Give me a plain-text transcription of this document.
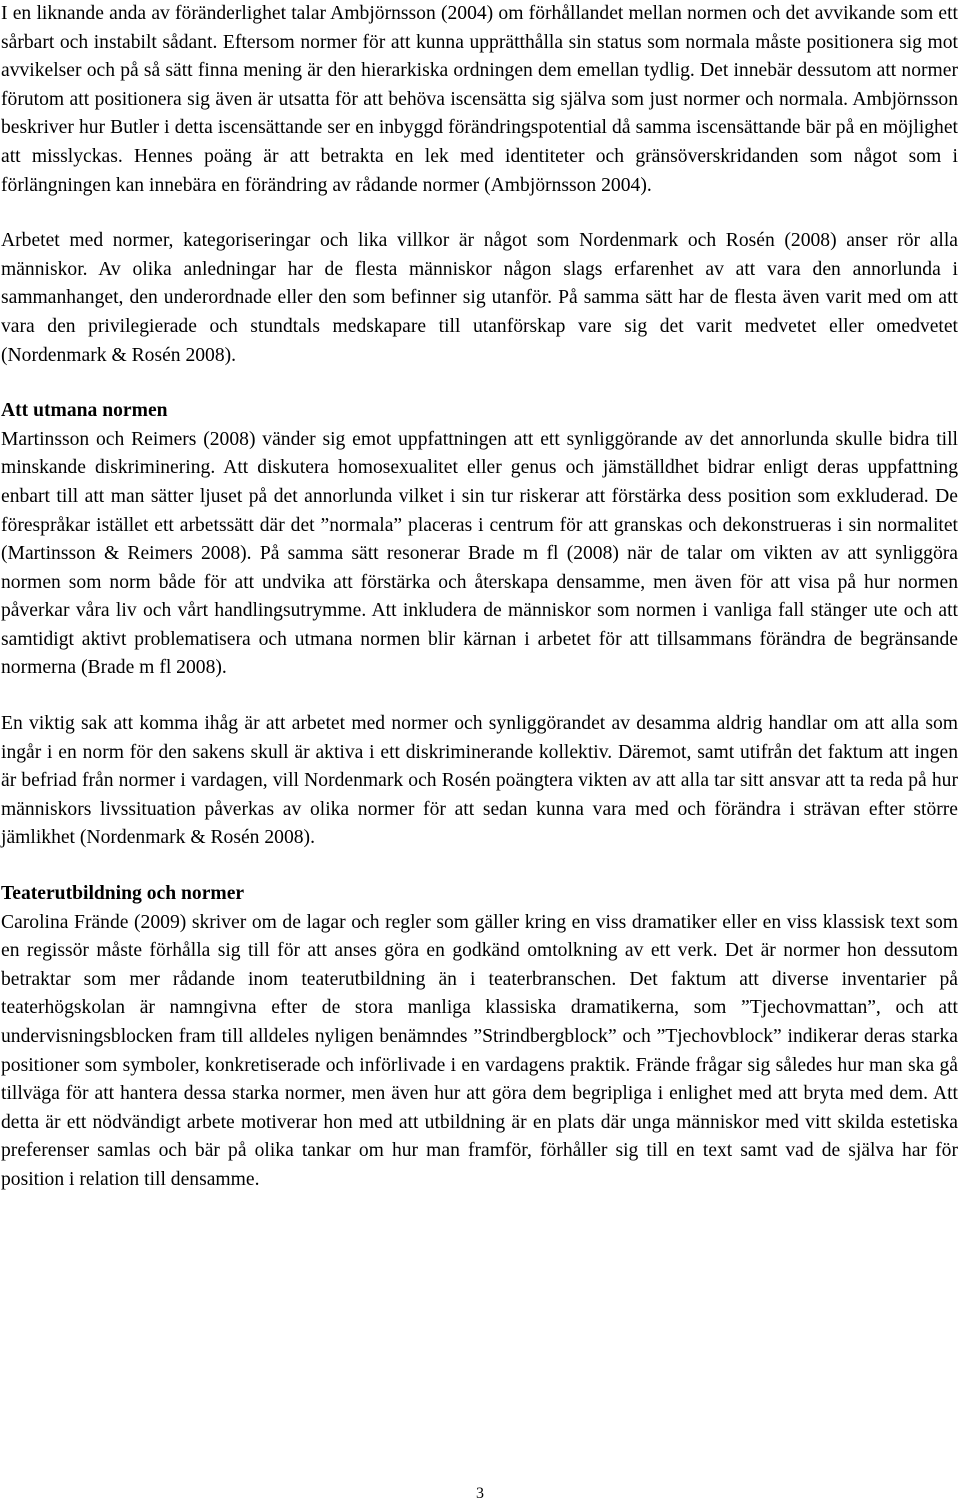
I en liknande anda av föränderlighet talar Ambjörnsson (2004) om förhållandet mellan normen och det avvikande som ett sårbart och instabilt sådant. Eftersom normer för att kunna upprätthålla sin status som normala måste positionera sig mot avvikelser och på så sätt finna mening är den hierarkiska ordningen dem emellan tydlig. Det innebär dessutom att normer förutom att positionera sig även är utsatta för att behöva iscensätta sig själva som just normer och normala. Ambjörnsson beskriver hur Butler i detta iscensättande ser en inbyggd förändringspotential då samma iscensättande bär på en möjlighet att misslyckas. Hennes poäng är att betrakta en lek med identiteter och gränsöverskridanden som något som i förlängningen kan innebära en förändring av rådande normer (Ambjörnsson 2004).

Arbetet med normer, kategoriseringar och lika villkor är något som Nordenmark och Rosén (2008) anser rör alla människor. Av olika anledningar har de flesta människor någon slags erfarenhet av att vara den annorlunda i sammanhanget, den underordnade eller den som befinner sig utanför. På samma sätt har de flesta även varit med om att vara den privilegierade och stundtals medskapare till utanförskap vare sig det varit medvetet eller omedvetet (Nordenmark & Rosén 2008).

Att utmana normen

Martinsson och Reimers (2008) vänder sig emot uppfattningen att ett synliggörande av det annorlunda skulle bidra till minskande diskriminering. Att diskutera homosexualitet eller genus och jämställdhet bidrar enligt deras uppfattning enbart till att man sätter ljuset på det annorlunda vilket i sin tur riskerar att förstärka dess position som exkluderad. De förespråkar istället ett arbetssätt där det ”normala” placeras i centrum för att granskas och dekonstrueras i sin normalitet (Martinsson & Reimers 2008). På samma sätt resonerar Brade m fl (2008) när de talar om vikten av att synliggöra normen som norm både för att undvika att förstärka och återskapa densamme, men även för att visa på hur normen påverkar våra liv och vårt handlingsutrymme. Att inkludera de människor som normen i vanliga fall stänger ute och att samtidigt aktivt problematisera och utmana normen blir kärnan i arbetet för att tillsammans förändra de begränsande normerna (Brade m fl 2008).

En viktig sak att komma ihåg är att arbetet med normer och synliggörandet av desamma aldrig handlar om att alla som ingår i en norm för den sakens skull är aktiva i ett diskriminerande kollektiv. Däremot, samt utifrån det faktum att ingen är befriad från normer i vardagen, vill Nordenmark och Rosén poängtera vikten av att alla tar sitt ansvar att ta reda på hur människors livssituation påverkas av olika normer för att sedan kunna vara med och förändra i strävan efter större jämlikhet (Nordenmark & Rosén 2008).

Teaterutbildning och normer

Carolina Frände (2009) skriver om de lagar och regler som gäller kring en viss dramatiker eller en viss klassisk text som en regissör måste förhålla sig till för att anses göra en godkänd omtolkning av ett verk. Det är normer hon dessutom betraktar som mer rådande inom teaterutbildning än i teaterbranschen. Det faktum att diverse inventarier på teaterhögskolan är namngivna efter de stora manliga klassiska dramatikerna, som ”Tjechovmattan”, och att undervisningsblocken fram till alldeles nyligen benämndes ”Strindbergblock” och ”Tjechovblock” indikerar deras starka positioner som symboler, konkretiserade och införlivade i en vardagens praktik. Frände frågar sig således hur man ska gå tillväga för att hantera dessa starka normer, men även hur att göra dem begripliga i enlighet med att bryta med dem. Att detta är ett nödvändigt arbete motiverar hon med att utbildning är en plats där unga människor med vitt skilda estetiska preferenser samlas och bär på olika tankar om hur man framför, förhåller sig till en text samt vad de själva har för position i relation till densamme.

3
